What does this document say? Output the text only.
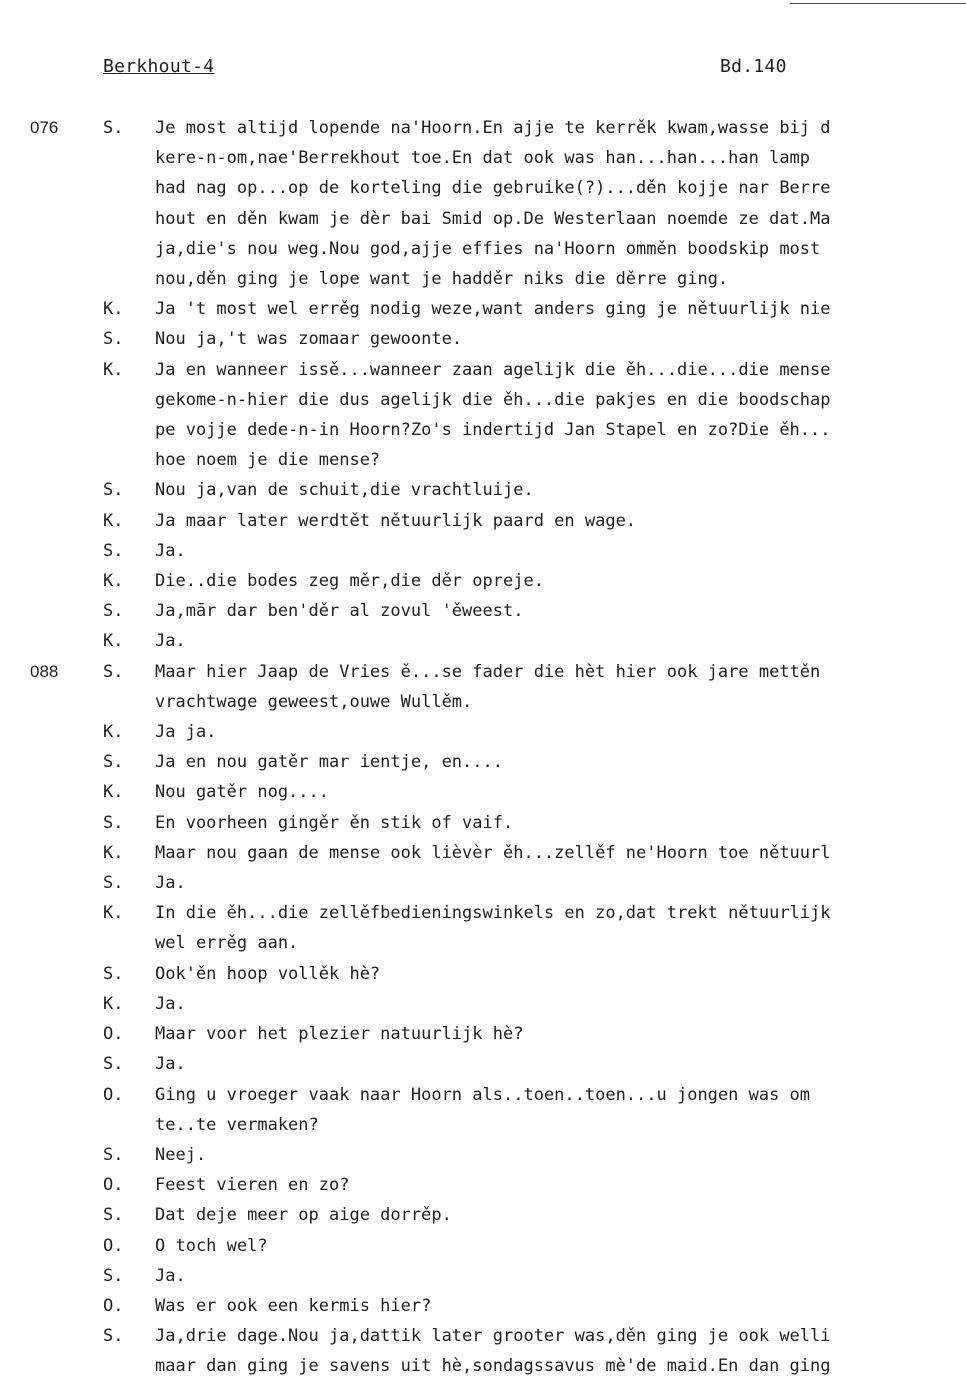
Berkhout-4	Bd.140
076	S.	Je most altijd lopende na'Hoorn.En ajje te kerrěk kwam,wasse bij d
kere-n-om,nae'Berrekhout toe.En dat ook was han...han...han lamp
had nag op...op de korteling die gebruike(?)...děn kojje nar Berre
hout en děn kwam je dèr bai Smid op.De Westerlaan noemde ze dat.Ma
ja,die's nou weg.Nou god,ajje effies na'Hoorn omměn boodskip most
nou,děn ging je lope want je hadděr niks die děrre ging.
K.	Ja 't most wel errěg nodig weze,want anders ging je nětuurlijk nie
S.	Nou ja,'t was zomaar gewoonte.
K.	Ja en wanneer issě...wanneer zaan agelijk die ěh...die...die mense
gekome-n-hier die dus agelijk die ěh...die pakjes en die boodschap
pe vojje dede-n-in Hoorn?Zo's indertijd Jan Stapel en zo?Die ěh...
hoe noem je die mense?
S.	Nou ja,van de schuit,die vrachtluije.
K.	Ja maar later werdtět nětuurlijk paard en wage.
S.	Ja.
K.	Die..die bodes zeg měr,die děr opreje.
S.	Ja,mār dar ben'děr al zovul 'ěweest.
K.	Ja.
088	S.	Maar hier Jaap de Vries ě...se fader die hèt hier ook jare mettěn
vrachtwage geweest,ouwe Wullěm.
K.	Ja ja.
S.	Ja en nou gatěr mar ientje, en....
K.	Nou gatěr nog....
S.	En voorheen gingěr ěn stik of vaif.
K.	Maar nou gaan de mense ook lièvèr ěh...zellěf ne'Hoorn toe nětuurl
S.	Ja.
K.	In die ěh...die zellěfbedieningswinkels en zo,dat trekt nětuurlijk
wel errěg aan.
S.	Ook'ěn hoop vollěk hè?
K.	Ja.
O.	Maar voor het plezier natuurlijk hè?
S.	Ja.
O.	Ging u vroeger vaak naar Hoorn als..toen..toen...u jongen was om
te..te vermaken?
S.	Neej.
O.	Feest vieren en zo?
S.	Dat deje meer op aige dorrěp.
O.	O toch wel?
S.	Ja.
O.	Was er ook een kermis hier?
S.	Ja,drie dage.Nou ja,dattik later grooter was,děn ging je ook welli
maar dan ging je savens uit hè,sondagssavus mè'de maid.En dan ging
